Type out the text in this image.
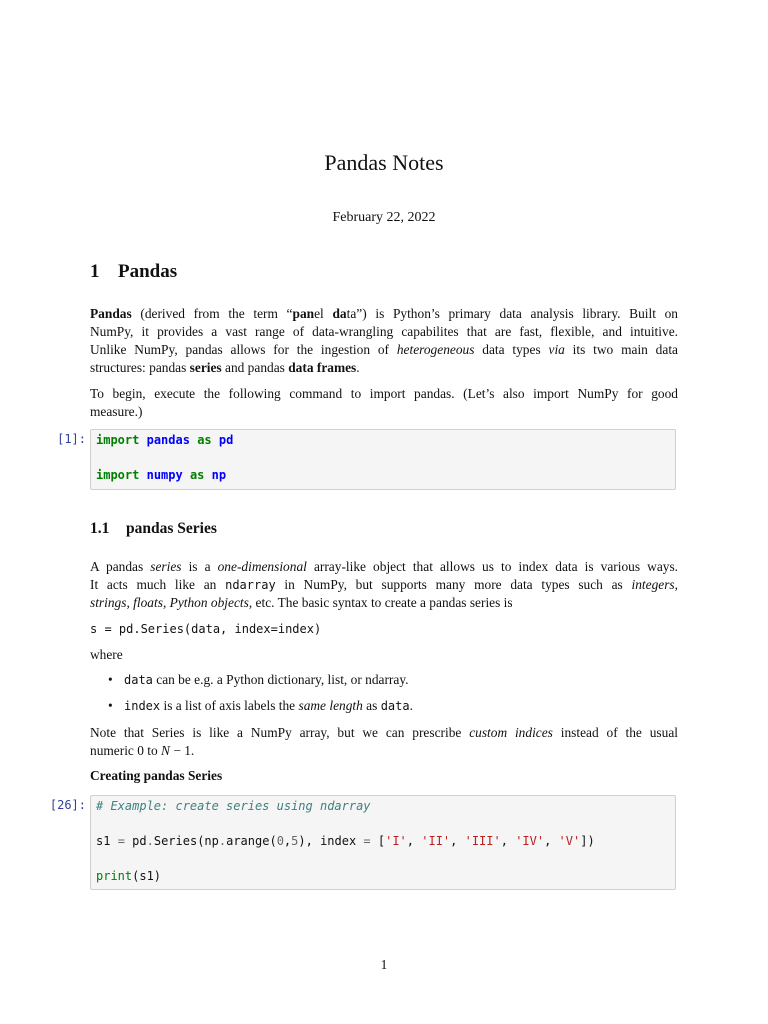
Pandas Notes
February 22, 2022
1 Pandas
Pandas (derived from the term “panel data”) is Python’s primary data analysis library. Built on
NumPy, it provides a vast range of data-wrangling capabilites that are fast, flexible, and intuitive.
Unlike NumPy, pandas allows for the ingestion of heterogeneous data types via its two main data
structures: pandas series and pandas data frames.
To begin, execute the following command to import pandas. (Let’s also import NumPy for good
measure.)
[1]: import pandas as pd
import numpy as np
1.1 pandas Series
A pandas series is a one-dimensional array-like object that allows us to index data is various ways.
It acts much like an ndarray in NumPy, but supports many more data types such as integers,
strings, floats, Python objects, etc. The basic syntax to create a pandas series is
s = pd.Series(data, index=index)
where
• data can be e.g. a Python dictionary, list, or ndarray.
• index is a list of axis labels the same length as data.
Note that Series is like a NumPy array, but we can prescribe custom indices instead of the usual
numeric 0 to N − 1.
Creating pandas Series
[26]: # Example: create series using ndarray
s1 = pd.Series(np.arange(0,5), index = ['I', 'II', 'III', 'IV', 'V'])
print(s1)
1
